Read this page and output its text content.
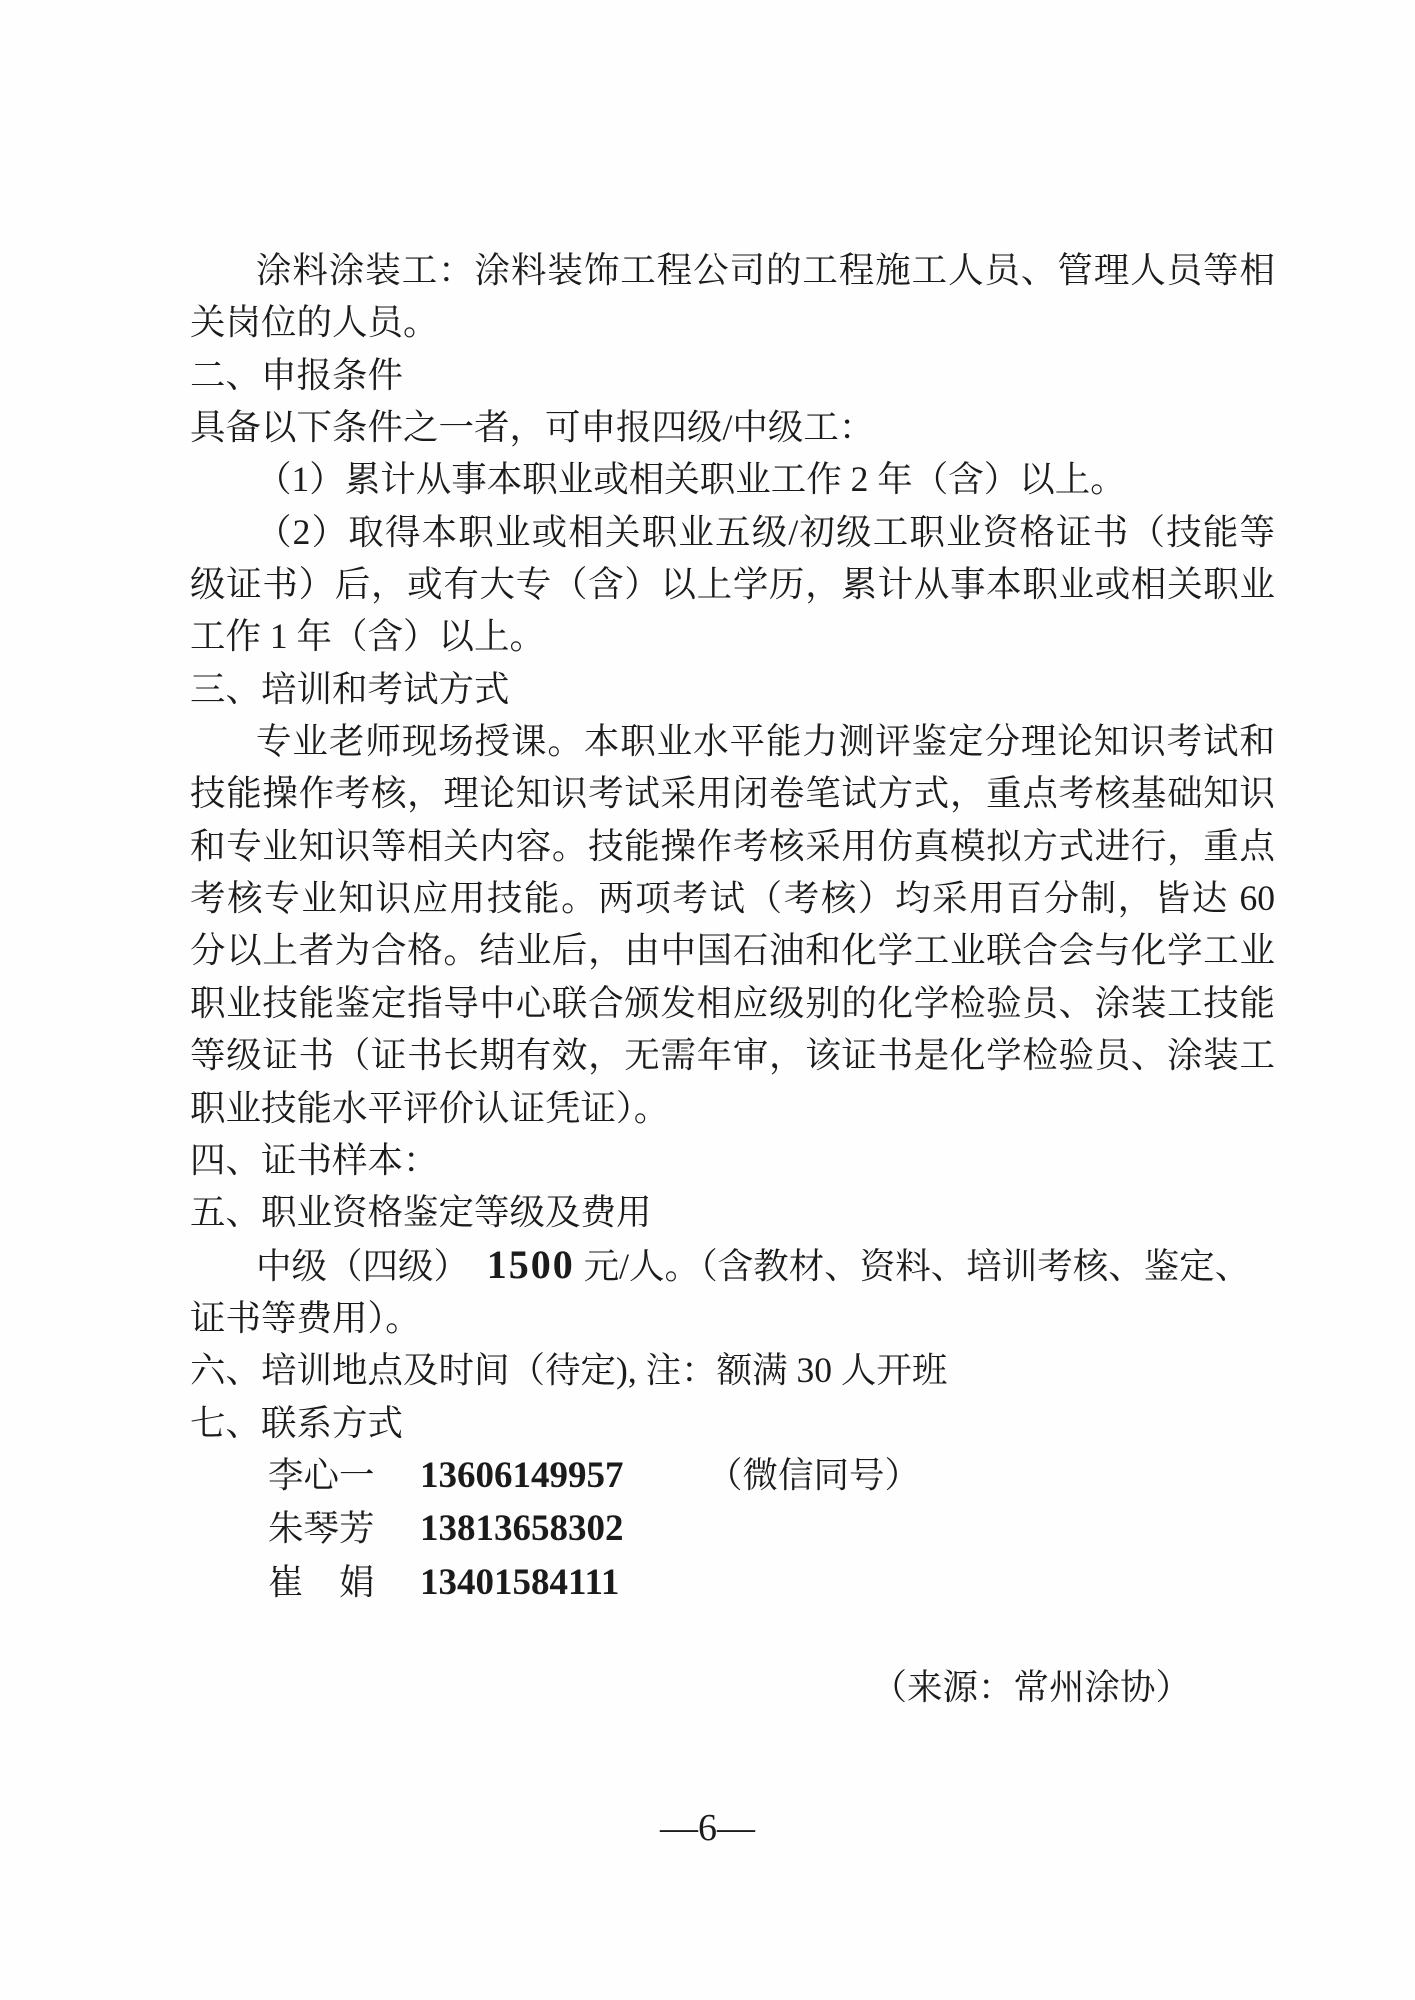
涂料涂装工：涂料装饰工程公司的工程施工人员、管理人员等相
关岗位的人员。
二、申报条件
具备以下条件之一者，可申报四级/中级工：
（1）累计从事本职业或相关职业工作 2 年（含）以上。
（2）取得本职业或相关职业五级/初级工职业资格证书（技能等
级证书）后，或有大专（含）以上学历，累计从事本职业或相关职业
工作 1 年（含）以上。
三、培训和考试方式
专业老师现场授课。本职业水平能力测评鉴定分理论知识考试和
技能操作考核，理论知识考试采用闭卷笔试方式，重点考核基础知识
和专业知识等相关内容。技能操作考核采用仿真模拟方式进行，重点
考核专业知识应用技能。两项考试（考核）均采用百分制，皆达 60
分以上者为合格。结业后，由中国石油和化学工业联合会与化学工业
职业技能鉴定指导中心联合颁发相应级别的化学检验员、涂装工技能
等级证书（证书长期有效，无需年审，该证书是化学检验员、涂装工
职业技能水平评价认证凭证）。
四、证书样本：
五、职业资格鉴定等级及费用
中级（四级）　1500 元/人。（含教材、资料、培训考核、鉴定、
证书等费用）。
六、培训地点及时间（待定), 注：额满 30 人开班
七、联系方式
李心一 13606149957 （微信同号）
朱琴芳 13813658302
崔　娟 13401584111
（来源：常州涂协）
—6—
